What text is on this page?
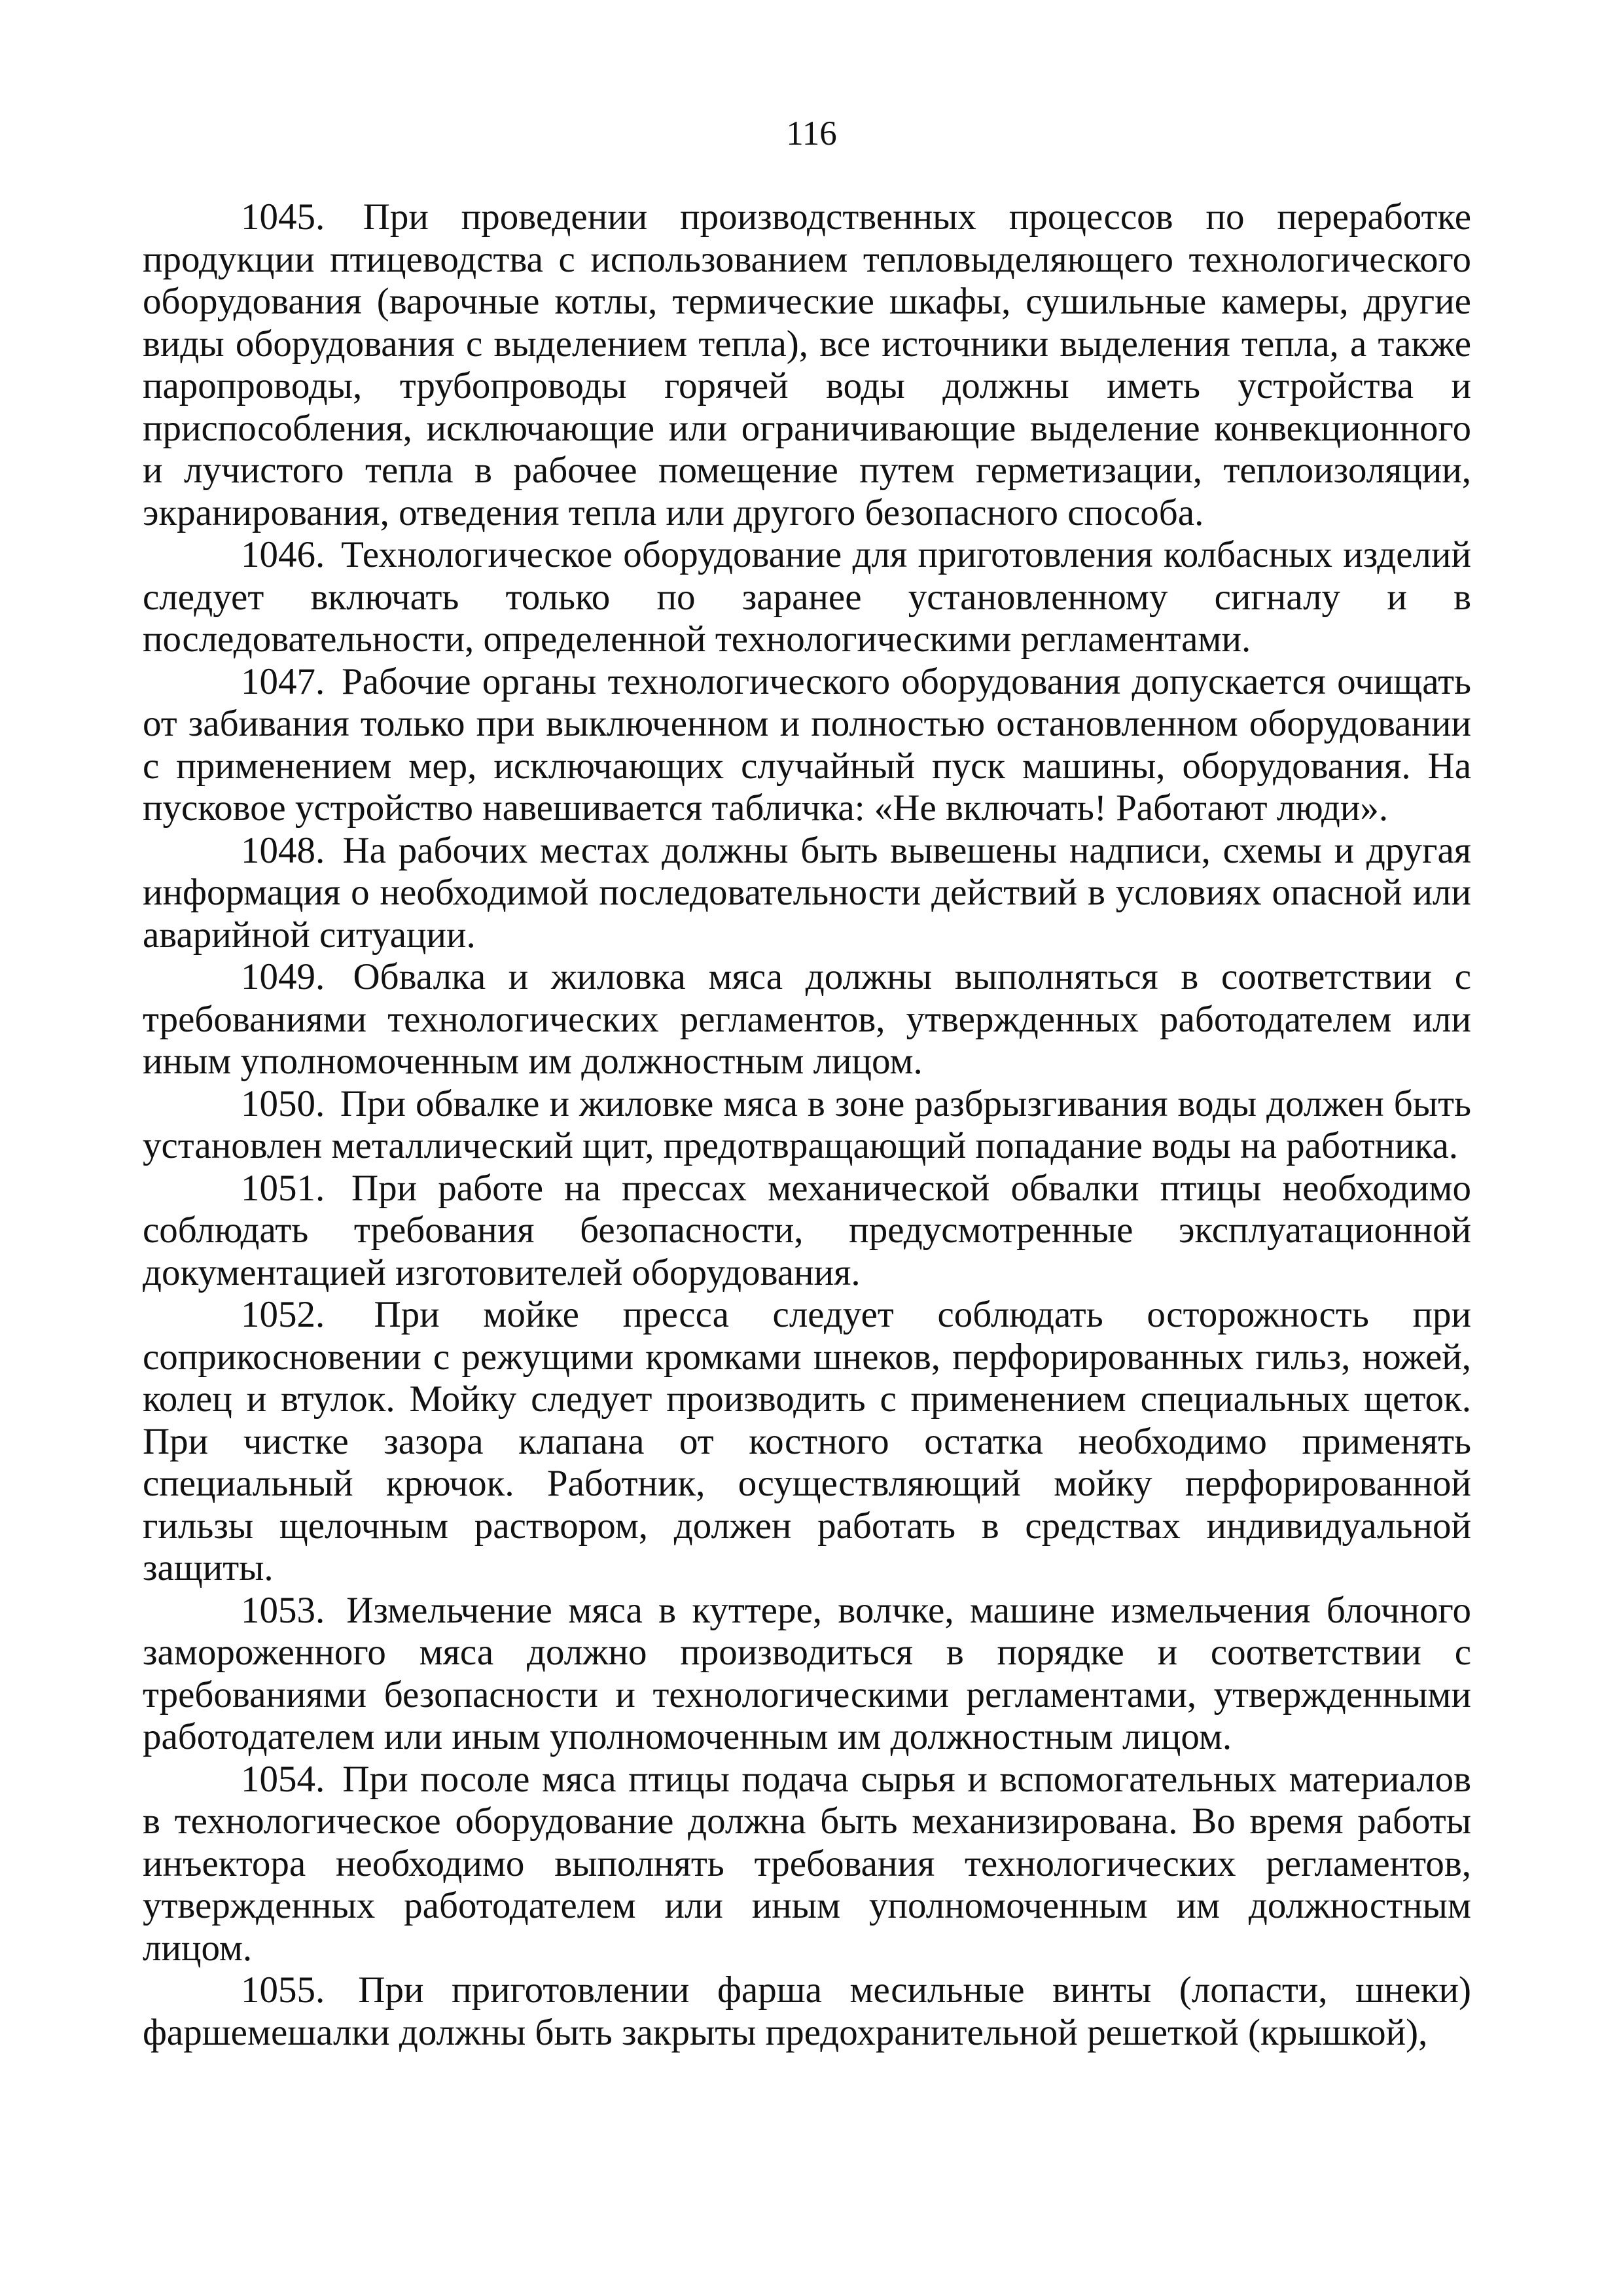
116

1045. При проведении производственных процессов по переработке продукции птицеводства с использованием тепловыделяющего технологического оборудования (варочные котлы, термические шкафы, сушильные камеры, другие виды оборудования с выделением тепла), все источники выделения тепла, а также паропроводы, трубопроводы горячей воды должны иметь устройства и приспособления, исключающие или ограничивающие выделение конвекционного и лучистого тепла в рабочее помещение путем герметизации, теплоизоляции, экранирования, отведения тепла или другого безопасного способа.

1046. Технологическое оборудование для приготовления колбасных изделий следует включать только по заранее установленному сигналу и в последовательности, определенной технологическими регламентами.

1047. Рабочие органы технологического оборудования допускается очищать от забивания только при выключенном и полностью остановленном оборудовании с применением мер, исключающих случайный пуск машины, оборудования. На пусковое устройство навешивается табличка: «Не включать! Работают люди».

1048. На рабочих местах должны быть вывешены надписи, схемы и другая информация о необходимой последовательности действий в условиях опасной или аварийной ситуации.

1049. Обвалка и жиловка мяса должны выполняться в соответствии с требованиями технологических регламентов, утвержденных работодателем или иным уполномоченным им должностным лицом.

1050. При обвалке и жиловке мяса в зоне разбрызгивания воды должен быть установлен металлический щит, предотвращающий попадание воды на работника.

1051. При работе на прессах механической обвалки птицы необходимо соблюдать требования безопасности, предусмотренные эксплуатационной документацией изготовителей оборудования.

1052. При мойке пресса следует соблюдать осторожность при соприкосновении с режущими кромками шнеков, перфорированных гильз, ножей, колец и втулок. Мойку следует производить с применением специальных щеток. При чистке зазора клапана от костного остатка необходимо применять специальный крючок. Работник, осуществляющий мойку перфорированной гильзы щелочным раствором, должен работать в средствах индивидуальной защиты.

1053. Измельчение мяса в куттере, волчке, машине измельчения блочного замороженного мяса должно производиться в порядке и соответствии с требованиями безопасности и технологическими регламентами, утвержденными работодателем или иным уполномоченным им должностным лицом.

1054. При посоле мяса птицы подача сырья и вспомогательных материалов в технологическое оборудование должна быть механизирована. Во время работы инъектора необходимо выполнять требования технологических регламентов, утвержденных работодателем или иным уполномоченным им должностным лицом.

1055. При приготовлении фарша месильные винты (лопасти, шнеки) фаршемешалки должны быть закрыты предохранительной решеткой (крышкой),
